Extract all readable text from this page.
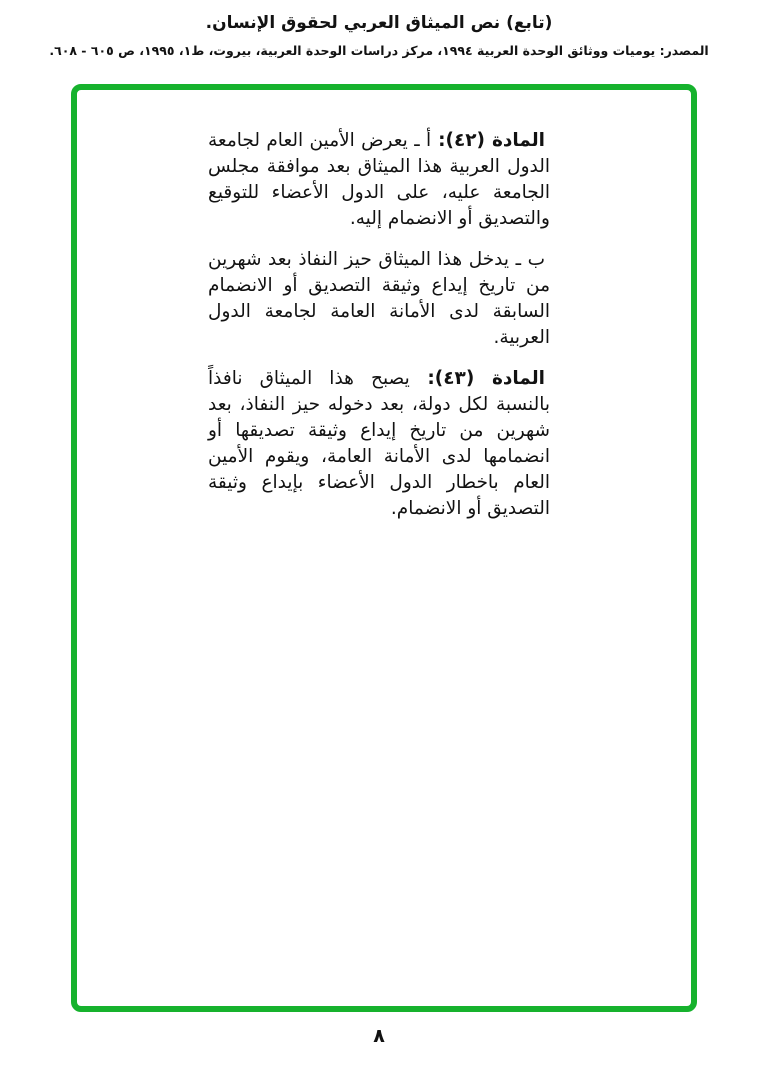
(تابع) نص الميثاق العربي لحقوق الإنسان.
المصدر: يوميات ووثائق الوحدة العربية ١٩٩٤، مركز دراسات الوحدة العربية، بيروت، ط١، ١٩٩٥، ص ٦٠٥ - ٦٠٨.

المادة (٤٢): أ ـ يعرض الأمين العام لجامعة الدول العربية هذا الميثاق بعد موافقة مجلس الجامعة عليه، على الدول الأعضاء للتوقيع والتصديق أو الانضمام إليه.

ب ـ يدخل هذا الميثاق حيز النفاذ بعد شهرين من تاريخ إيداع وثيقة التصديق أو الانضمام السابقة لدى الأمانة العامة لجامعة الدول العربية.

المادة (٤٣): يصبح هذا الميثاق نافذاً بالنسبة لكل دولة، بعد دخوله حيز النفاذ، بعد شهرين من تاريخ إيداع وثيقة تصديقها أو انضمامها لدى الأمانة العامة، ويقوم الأمين العام باخطار الدول الأعضاء بإيداع وثيقة التصديق أو الانضمام.

٨
